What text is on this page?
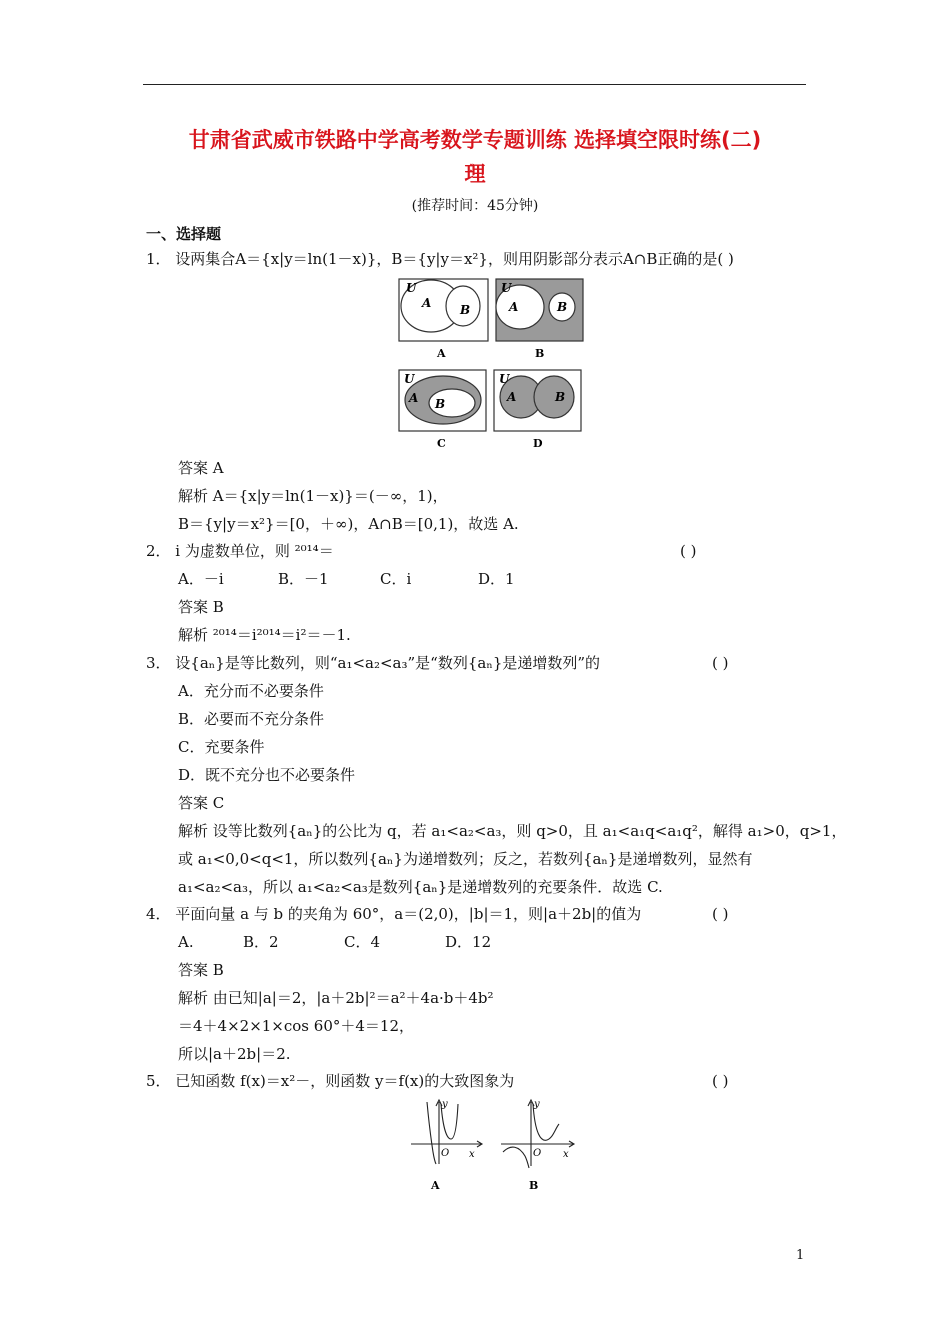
甘肃省武威市铁路中学高考数学专题训练 选择填空限时练(二)
理
(推荐时间：45分钟)
一、选择题
1． 设两集合A＝{x|y＝ln(1－x)}，B＝{y|y＝x²}，则用阴影部分表示A∩B正确的是( )
U
A B
A
U
A	B
B
U
A B
C
U
A	B
D
答案 A
解析 A＝{x|y＝ln(1－x)}＝(－∞，1)，
B＝{y|y＝x²}＝[0，＋∞)，A∩B＝[0,1)，故选 A.
2． i 为虚数单位，则 ²⁰¹⁴＝	( )
A．－i	B．－1	C．i	D．1
答案 B
解析 ²⁰¹⁴＝i²⁰¹⁴＝i²＝－1.
3． 设{aₙ}是等比数列，则“a₁<a₂<a₃”是“数列{aₙ}是递增数列”的	( )
A．充分而不必要条件
B．必要而不充分条件
C．充要条件
D．既不充分也不必要条件
答案 C
解析 设等比数列{aₙ}的公比为 q，若 a₁<a₂<a₃，则 q>0，且 a₁<a₁q<a₁q²，解得 a₁>0，q>1，
或 a₁<0,0<q<1，所以数列{aₙ}为递增数列；反之，若数列{aₙ}是递增数列，显然有
a₁<a₂<a₃，所以 a₁<a₂<a₃是数列{aₙ}是递增数列的充要条件．故选 C.
4． 平面向量 a 与 b 的夹角为 60°，a＝(2,0)，|b|＝1，则|a＋2b|的值为	( )
A.	B．2	C．4	D．12
答案 B
解析 由已知|a|＝2，|a＋2b|²＝a²＋4a·b＋4b²
＝4＋4×2×1×cos 60°＋4＝12，
所以|a＋2b|＝2.
5． 已知函数 f(x)＝x²－，则函数 y＝f(x)的大致图象为	( )
y
x
O
A
y
x
O
B
1
